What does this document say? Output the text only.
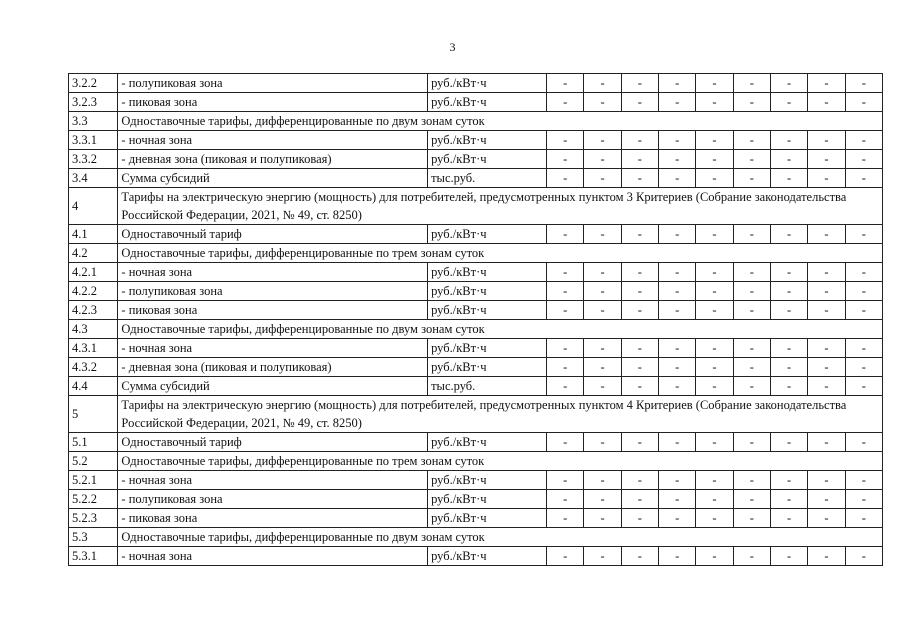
3
3.2.2	- полупиковая зона	руб./кВт·ч	-	-	-	-	-	-	-	-	-
3.2.3	- пиковая зона	руб./кВт·ч	-	-	-	-	-	-	-	-	-
3.3	Одноставочные тарифы, дифференцированные по двум зонам суток										
3.3.1	- ночная зона	руб./кВт·ч	-	-	-	-	-	-	-	-	-
3.3.2	- дневная зона (пиковая и полупиковая)	руб./кВт·ч	-	-	-	-	-	-	-	-	-
3.4	Сумма субсидий	тыс.руб.	-	-	-	-	-	-	-	-	-
4	Тарифы на электрическую энергию (мощность) для потребителей, предусмотренных пунктом 3 Критериев (Собрание законодательства Российской Федерации, 2021, № 49, ст. 8250)										
4.1	Одноставочный тариф	руб./кВт·ч	-	-	-	-	-	-	-	-	-
4.2	Одноставочные тарифы, дифференцированные по трем зонам суток										
4.2.1	- ночная зона	руб./кВт·ч	-	-	-	-	-	-	-	-	-
4.2.2	- полупиковая зона	руб./кВт·ч	-	-	-	-	-	-	-	-	-
4.2.3	- пиковая зона	руб./кВт·ч	-	-	-	-	-	-	-	-	-
4.3	Одноставочные тарифы, дифференцированные по двум зонам суток										
4.3.1	- ночная зона	руб./кВт·ч	-	-	-	-	-	-	-	-	-
4.3.2	- дневная зона (пиковая и полупиковая)	руб./кВт·ч	-	-	-	-	-	-	-	-	-
4.4	Сумма субсидий	тыс.руб.	-	-	-	-	-	-	-	-	-
5	Тарифы на электрическую энергию (мощность) для потребителей, предусмотренных пунктом 4 Критериев (Собрание законодательства Российской Федерации, 2021, № 49, ст. 8250)										
5.1	Одноставочный тариф	руб./кВт·ч	-	-	-	-	-	-	-	-	-
5.2	Одноставочные тарифы, дифференцированные по трем зонам суток										
5.2.1	- ночная зона	руб./кВт·ч	-	-	-	-	-	-	-	-	-
5.2.2	- полупиковая зона	руб./кВт·ч	-	-	-	-	-	-	-	-	-
5.2.3	- пиковая зона	руб./кВт·ч	-	-	-	-	-	-	-	-	-
5.3	Одноставочные тарифы, дифференцированные по двум зонам суток										
5.3.1	- ночная зона	руб./кВт·ч	-	-	-	-	-	-	-	-	-
